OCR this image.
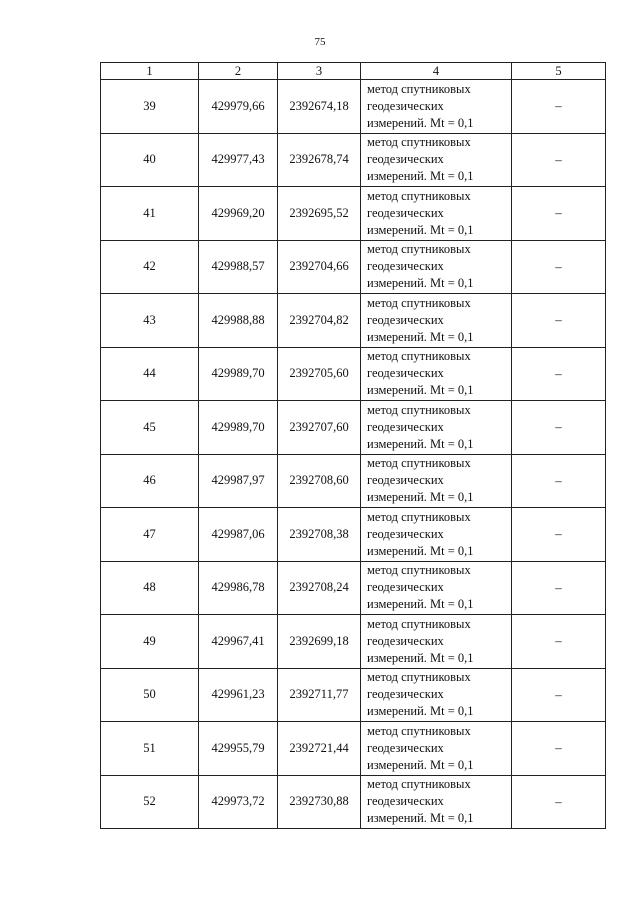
75
1	2	3	4	5
39	429979,66	2392674,18	метод спутниковых
геодезических
измерений. Mt = 0,1	–
40	429977,43	2392678,74	метод спутниковых
геодезических
измерений. Mt = 0,1	–
41	429969,20	2392695,52	метод спутниковых
геодезических
измерений. Mt = 0,1	–
42	429988,57	2392704,66	метод спутниковых
геодезических
измерений. Mt = 0,1	–
43	429988,88	2392704,82	метод спутниковых
геодезических
измерений. Mt = 0,1	–
44	429989,70	2392705,60	метод спутниковых
геодезических
измерений. Mt = 0,1	–
45	429989,70	2392707,60	метод спутниковых
геодезических
измерений. Mt = 0,1	–
46	429987,97	2392708,60	метод спутниковых
геодезических
измерений. Mt = 0,1	–
47	429987,06	2392708,38	метод спутниковых
геодезических
измерений. Mt = 0,1	–
48	429986,78	2392708,24	метод спутниковых
геодезических
измерений. Mt = 0,1	–
49	429967,41	2392699,18	метод спутниковых
геодезических
измерений. Mt = 0,1	–
50	429961,23	2392711,77	метод спутниковых
геодезических
измерений. Mt = 0,1	–
51	429955,79	2392721,44	метод спутниковых
геодезических
измерений. Mt = 0,1	–
52	429973,72	2392730,88	метод спутниковых
геодезических
измерений. Mt = 0,1	–
